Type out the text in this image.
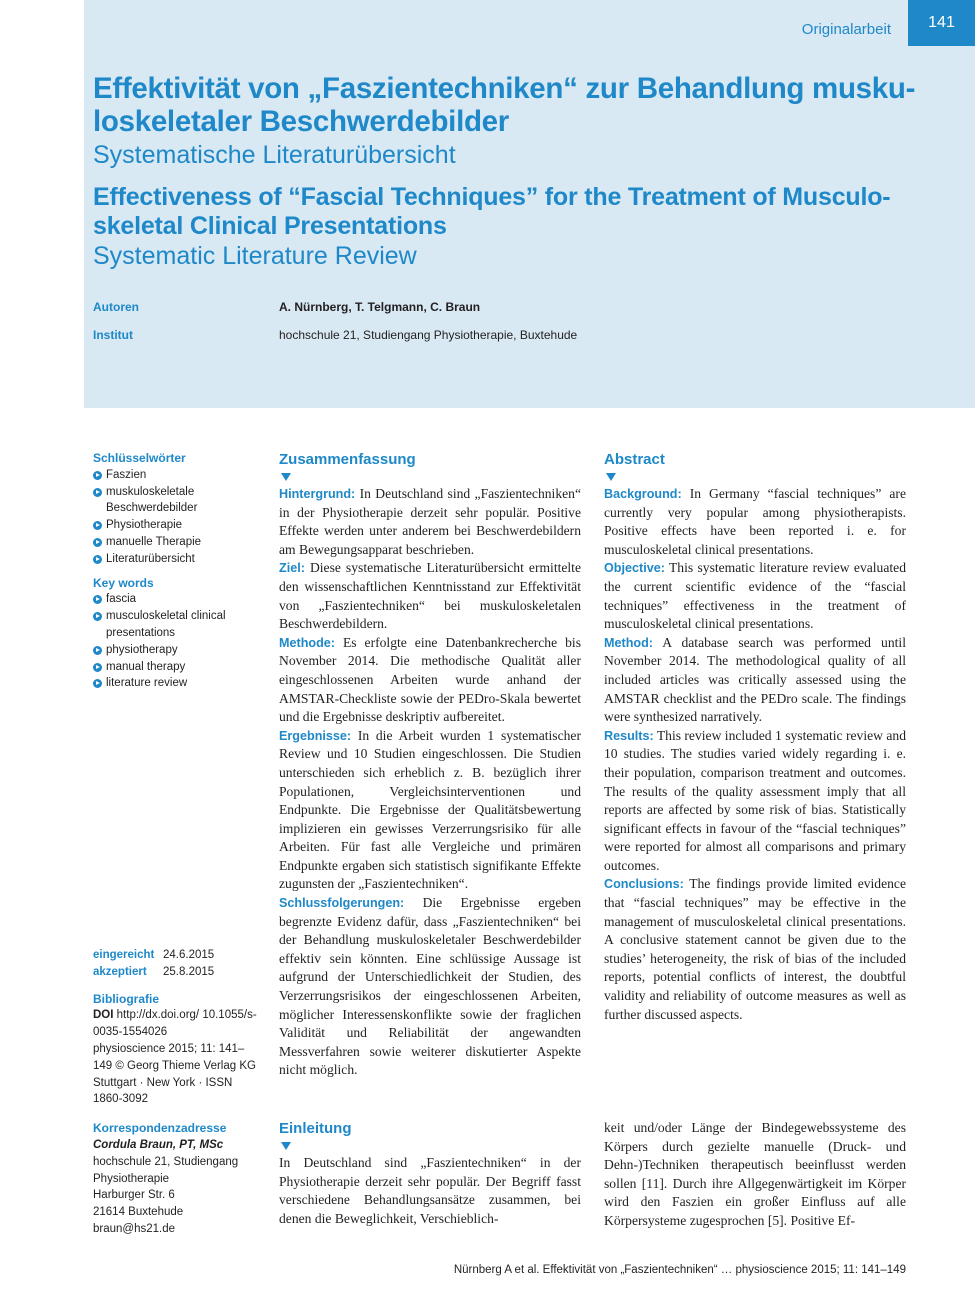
Originalarbeit	141
Effektivität von „Faszientechniken“ zur Behandlung muskuloskeletaler Beschwerdebilder
Systematische Literaturübersicht
Effectiveness of “Fascial Techniques” for the Treatment of Musculoskeletal Clinical Presentations
Systematic Literature Review
Autoren	A. Nürnberg, T. Telgmann, C. Braun
Institut	hochschule 21, Studiengang Physiotherapie, Buxtehude
Schlüsselwörter
Faszien
muskuloskeletale Beschwerdebilder
Physiotherapie
manuelle Therapie
Literaturübersicht
Key words
fascia
musculoskeletal clinical presentations
physiotherapy
manual therapy
literature review
eingereicht 24.6.2015
akzeptiert	25.8.2015
Bibliografie
DOI http://dx.doi.org/ 10.1055/s-0035-1554026
physioscience 2015; 11: 141–149 © Georg Thieme Verlag KG Stuttgart · New York · ISSN 1860-3092
Korrespondenzadresse
Cordula Braun, PT, MSc
hochschule 21, Studiengang Physiotherapie
Harburger Str. 6
21614 Buxtehude
braun@hs21.de
Zusammenfassung

Hintergrund: In Deutschland sind „Faszientechniken“ in der Physiotherapie derzeit sehr populär. Positive Effekte werden unter anderem bei Beschwerdebildern am Bewegungsapparat beschrieben.

Ziel: Diese systematische Literaturübersicht ermittelte den wissenschaftlichen Kenntnisstand zur Effektivität von „Faszientechniken“ bei muskuloskeletalen Beschwerdebildern.

Methode: Es erfolgte eine Datenbankrecherche bis November 2014. Die methodische Qualität aller eingeschlossenen Arbeiten wurde anhand der AMSTAR-Checkliste sowie der PEDro-Skala bewertet und die Ergebnisse deskriptiv aufbereitet.

Ergebnisse: In die Arbeit wurden 1 systematischer Review und 10 Studien eingeschlossen. Die Studien unterschieden sich erheblich z. B. bezüglich ihrer Populationen, Vergleichsinterventionen und Endpunkte. Die Ergebnisse der Qualitätsbewertung implizieren ein gewisses Verzerrungsrisiko für alle Arbeiten. Für fast alle Vergleiche und primären Endpunkte ergaben sich statistisch signifikante Effekte zugunsten der „Faszientechniken“.

Schlussfolgerungen: Die Ergebnisse ergeben begrenzte Evidenz dafür, dass „Faszientechniken“ bei der Behandlung muskuloskeletaler Beschwerdebilder effektiv sein könnten. Eine schlüssige Aussage ist aufgrund der Unterschiedlichkeit der Studien, des Verzerrungsrisikos der eingeschlossenen Arbeiten, möglicher Interessenskonflikte sowie der fraglichen Validität und Reliabilität der angewandten Messverfahren sowie weiterer diskutierter Aspekte nicht möglich.

Abstract

Background: In Germany “fascial techniques” are currently very popular among physiotherapists. Positive effects have been reported i. e. for musculoskeletal clinical presentations.

Objective: This systematic literature review evaluated the current scientific evidence of the “fascial techniques” effectiveness in the treatment of musculoskeletal clinical presentations.

Method: A database search was performed until November 2014. The methodological quality of all included articles was critically assessed using the AMSTAR checklist and the PEDro scale. The findings were synthesized narratively.

Results: This review included 1 systematic review and 10 studies. The studies varied widely regarding i. e. their population, comparison treatment and outcomes. The results of the quality assessment imply that all reports are affected by some risk of bias. Statistically significant effects in favour of the “fascial techniques” were reported for almost all comparisons and primary outcomes.

Conclusions: The findings provide limited evidence that “fascial techniques” may be effective in the management of musculoskeletal clinical presentations. A conclusive statement cannot be given due to the studies’ heterogeneity, the risk of bias of the included reports, potential conflicts of interest, the doubtful validity and reliability of outcome measures as well as further discussed aspects.

Einleitung

In Deutschland sind „Faszientechniken“ in der Physiotherapie derzeit sehr populär. Der Begriff fasst verschiedene Behandlungsansätze zusammen, bei denen die Beweglichkeit, Verschieblich-

keit und/oder Länge der Bindegewebssysteme des Körpers durch gezielte manuelle (Druck- und Dehn-)Techniken therapeutisch beeinflusst werden sollen [11]. Durch ihre Allgegenwärtigkeit im Körper wird den Faszien ein großer Einfluss auf alle Körpersysteme zugesprochen [5]. Positive Ef-

Nürnberg A et al. Effektivität von „Faszientechniken“ … physioscience 2015; 11: 141–149
